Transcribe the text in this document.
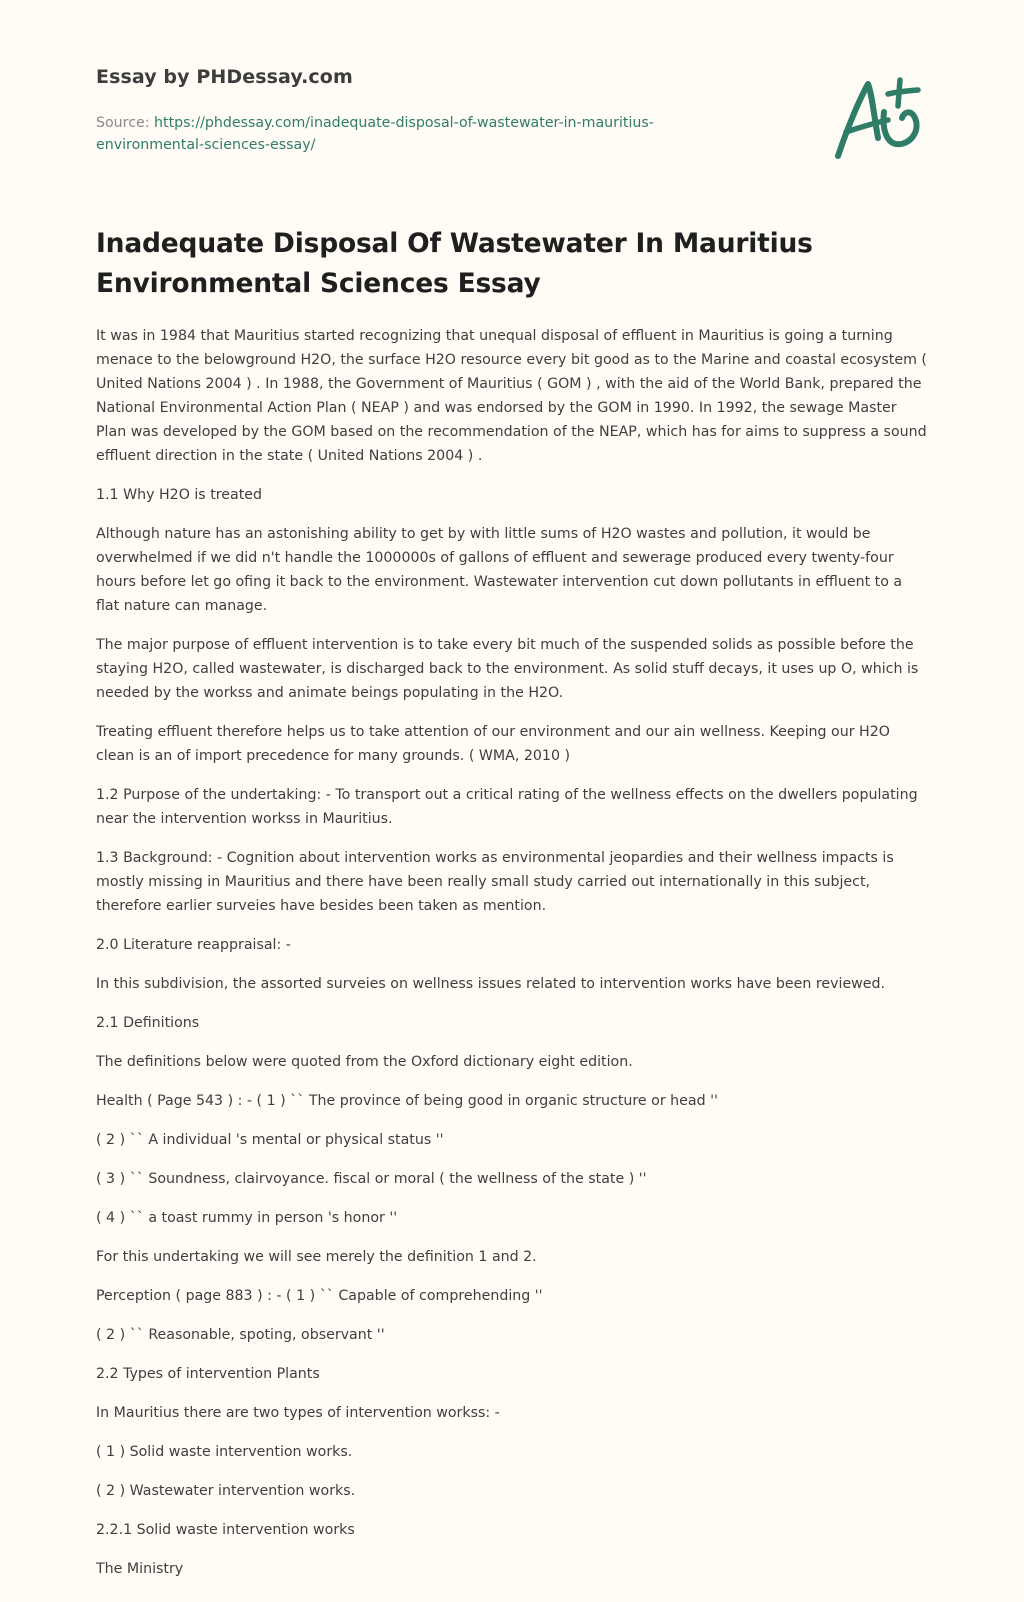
Essay by PHDessay.com
Source: https://phdessay.com/inadequate-disposal-of-wastewater-in-mauritius-environmental-sciences-essay/
Inadequate Disposal Of Wastewater In Mauritius Environmental Sciences Essay

It was in 1984 that Mauritius started recognizing that unequal disposal of effluent in Mauritius is going a turning menace to the belowground H2O, the surface H2O resource every bit good as to the Marine and coastal ecosystem ( United Nations 2004 ) . In 1988, the Government of Mauritius ( GOM ) , with the aid of the World Bank, prepared the National Environmental Action Plan ( NEAP ) and was endorsed by the GOM in 1990. In 1992, the sewage Master Plan was developed by the GOM based on the recommendation of the NEAP, which has for aims to suppress a sound effluent direction in the state ( United Nations 2004 ) .

1.1 Why H2O is treated

Although nature has an astonishing ability to get by with little sums of H2O wastes and pollution, it would be overwhelmed if we did n't handle the 1000000s of gallons of effluent and sewerage produced every twenty-four hours before let go ofing it back to the environment. Wastewater intervention cut down pollutants in effluent to a flat nature can manage.

The major purpose of effluent intervention is to take every bit much of the suspended solids as possible before the staying H2O, called wastewater, is discharged back to the environment. As solid stuff decays, it uses up O, which is needed by the workss and animate beings populating in the H2O.

Treating effluent therefore helps us to take attention of our environment and our ain wellness. Keeping our H2O clean is an of import precedence for many grounds. ( WMA, 2010 )

1.2 Purpose of the undertaking: - To transport out a critical rating of the wellness effects on the dwellers populating near the intervention workss in Mauritius.

1.3 Background: - Cognition about intervention works as environmental jeopardies and their wellness impacts is mostly missing in Mauritius and there have been really small study carried out internationally in this subject, therefore earlier surveies have besides been taken as mention.

2.0 Literature reappraisal: -

In this subdivision, the assorted surveies on wellness issues related to intervention works have been reviewed.

2.1 Definitions

The definitions below were quoted from the Oxford dictionary eight edition.

Health ( Page 543 ) : - ( 1 ) `` The province of being good in organic structure or head ''

( 2 ) `` A individual 's mental or physical status ''

( 3 ) `` Soundness, clairvoyance. fiscal or moral ( the wellness of the state ) ''

( 4 ) `` a toast rummy in person 's honor ''

For this undertaking we will see merely the definition 1 and 2.

Perception ( page 883 ) : - ( 1 ) `` Capable of comprehending ''

( 2 ) `` Reasonable, spoting, observant ''

2.2 Types of intervention Plants

In Mauritius there are two types of intervention workss: -

( 1 ) Solid waste intervention works.

( 2 ) Wastewater intervention works.

2.2.1 Solid waste intervention works

The Ministry
